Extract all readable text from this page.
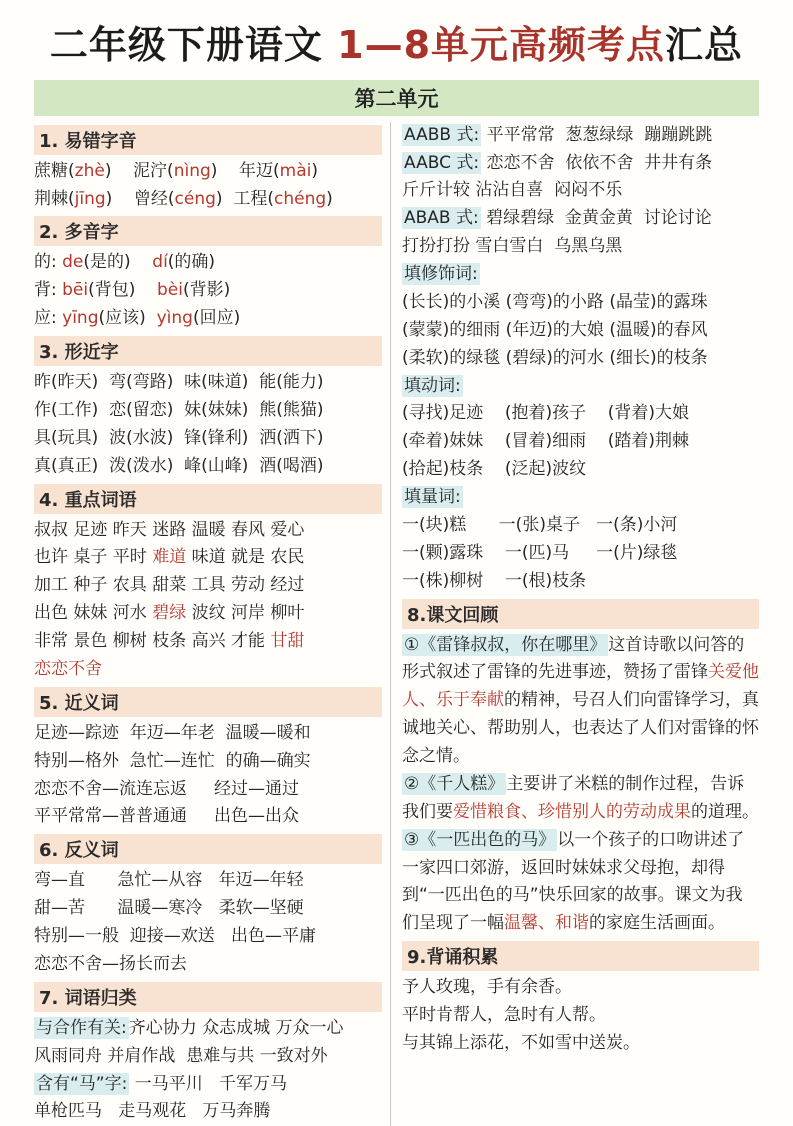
二年级下册语文 1—8单元高频考点汇总
第二单元
1. 易错字音
蔗糖(zhè)    泥泞(nìng)    年迈(mài)
荆棘(jīng)    曾经(céng)  工程(chéng)
2. 多音字
的: de(是的)    dí(的确)
背: bēi(背包)    bèi(背影)
应: yīng(应该)  yìng(回应)
3. 形近字
昨(昨天)  弯(弯路)  味(味道)  能(能力)
作(工作)  恋(留恋)  妹(妹妹)  熊(熊猫)
具(玩具)  波(水波)  锋(锋利)  洒(洒下)
真(真正)  泼(泼水)  峰(山峰)  酒(喝酒)
4. 重点词语
叔叔 足迹 昨天 迷路 温暖 春风 爱心
也许 桌子 平时 难道 味道 就是 农民
加工 种子 农具 甜菜 工具 劳动 经过
出色 妹妹 河水 碧绿 波纹 河岸 柳叶
非常 景色 柳树 枝条 高兴 才能 甘甜
恋恋不舍
5. 近义词
足迹—踪迹  年迈—年老  温暖—暖和
特别—格外  急忙—连忙  的确—确实
恋恋不舍—流连忘返     经过—通过
平平常常—普普通通     出色—出众
6. 反义词
弯—直      急忙—从容   年迈—年轻
甜—苦      温暖—寒冷   柔软—坚硬
特别—一般  迎接—欢送   出色—平庸
恋恋不舍—扬长而去
7. 词语归类
与合作有关: 齐心协力 众志成城 万众一心
风雨同舟 并肩作战  患难与共 一致对外
含有“马”字: 一马平川   千军万马
单枪匹马   走马观花   万马奔腾
AABB 式: 平平常常  葱葱绿绿  蹦蹦跳跳
AABC 式: 恋恋不舍  依依不舍  井井有条
斤斤计较 沾沾自喜  闷闷不乐
ABAB 式: 碧绿碧绿  金黄金黄  讨论讨论
打扮打扮 雪白雪白  乌黑乌黑
填修饰词:
(长长)的小溪 (弯弯)的小路 (晶莹)的露珠
(蒙蒙)的细雨 (年迈)的大娘 (温暖)的春风
(柔软)的绿毯 (碧绿)的河水 (细长)的枝条
填动词:
(寻找)足迹    (抱着)孩子    (背着)大娘
(牵着)妹妹    (冒着)细雨    (踏着)荆棘
(拾起)枝条    (泛起)波纹
填量词:
一(块)糕      一(张)桌子   一(条)小河
一(颗)露珠    一(匹)马     一(片)绿毯
一(株)柳树    一(根)枝条
8.课文回顾
①《雷锋叔叔，你在哪里》 这首诗歌以问答的形式叙述了雷锋的先进事迹，赞扬了雷锋关爱他人、乐于奉献的精神，号召人们向雷锋学习，真诚地关心、帮助别人，也表达了人们对雷锋的怀念之情。
②《千人糕》 主要讲了米糕的制作过程，告诉我们要爱惜粮食、珍惜别人的劳动成果的道理。
③《一匹出色的马》 以一个孩子的口吻讲述了一家四口郊游，返回时妹妹求父母抱，却得到“一匹出色的马”快乐回家的故事。课文为我们呈现了一幅温馨、和谐的家庭生活画面。
9.背诵积累
予人玫瑰，手有余香。
平时肯帮人，急时有人帮。
与其锦上添花，不如雪中送炭。
